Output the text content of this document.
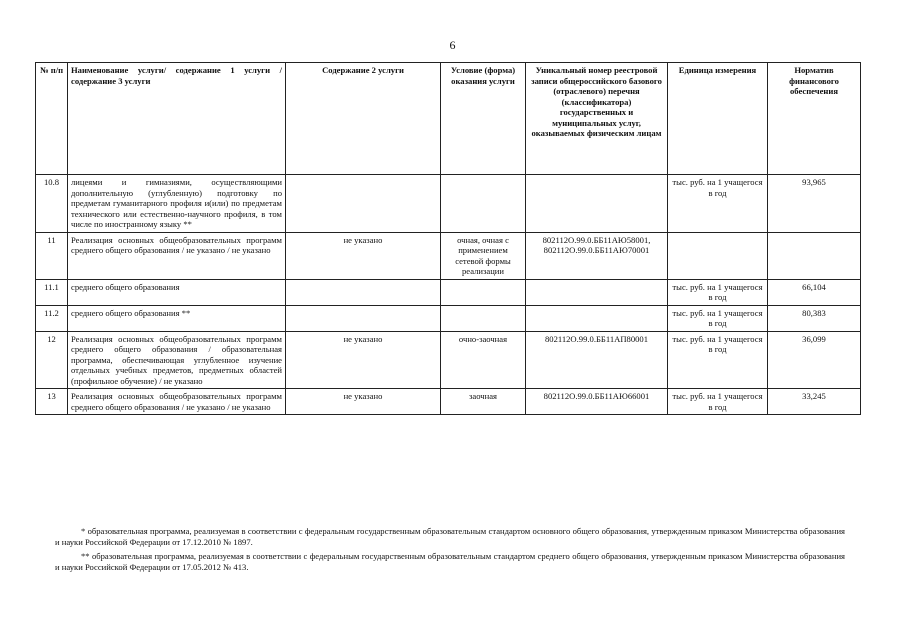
6
№ п/п	Наименование услуги/ содержание 1 услуги / содержание 3 услуги	Содержание 2 услуги	Условие (форма) оказания услуги	Уникальный номер реестровой записи общероссийского базового (отраслевого) перечня (классификатора) государственных и муниципальных услуг, оказываемых физическим лицам	Единица измерения	Норматив финансового обеспечения
10.8	лицеями и гимназиями, осуществляющими дополнительную (углубленную) подготовку по предметам гуманитарного профиля и(или) по предметам технического или естественно-научного профиля, в том числе по иностранному языку **				тыс. руб. на 1 учащегося в год	93,965
11	Реализация основных общеобразовательных программ среднего общего образования / не указано / не указано	не указано	очная, очная с применением сетевой формы реализации	802112О.99.0.ББ11АЮ58001, 802112О.99.0.ББ11АЮ70001		
11.1	среднего общего образования				тыс. руб. на 1 учащегося в год	66,104
11.2	среднего общего образования **				тыс. руб. на 1 учащегося в год	80,383
12	Реализация основных общеобразовательных программ среднего общего образования / образовательная программа, обеспечивающая углубленное изучение отдельных учебных предметов, предметных областей (профильное обучение) / не указано	не указано	очно-заочная	802112О.99.0.ББ11АП80001	тыс. руб. на 1 учащегося в год	36,099
13	Реализация основных общеобразовательных программ среднего общего образования / не указано / не указано	не указано	заочная	802112О.99.0.ББ11АЮ66001	тыс. руб. на 1 учащегося в год	33,245

* образовательная программа, реализуемая в соответствии с федеральным государственным образовательным стандартом основного общего образования, утвержденным приказом Министерства образования и науки Российской Федерации от 17.12.2010 № 1897.

** образовательная программа, реализуемая в соответствии с федеральным государственным образовательным стандартом среднего общего образования, утвержденным приказом Министерства образования и науки Российской Федерации от 17.05.2012 № 413.
